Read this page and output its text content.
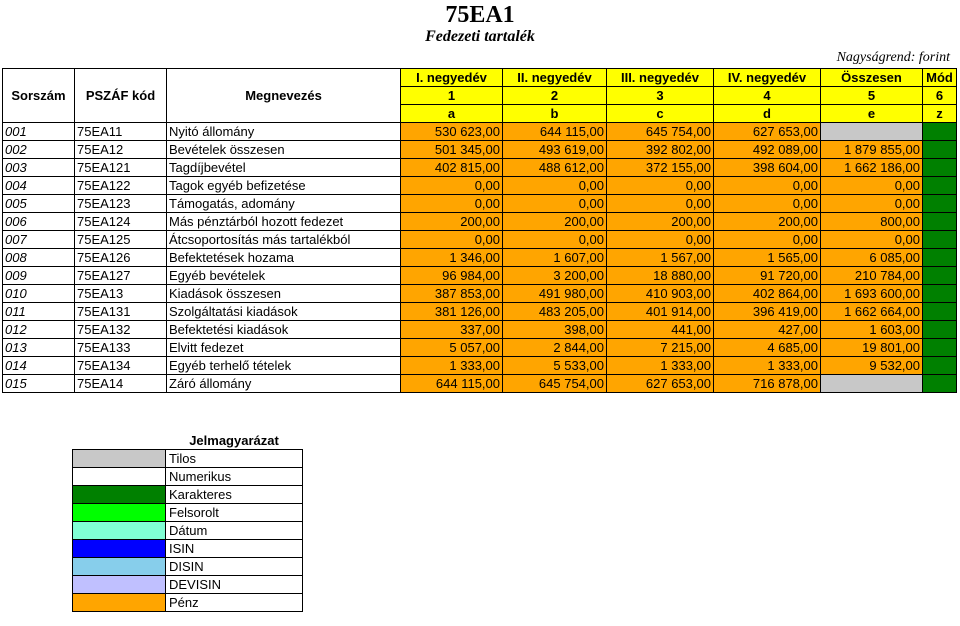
75EA1
Fedezeti tartalék
Nagyságrend: forint
Sorszám	PSZÁF kód	Megnevezés	I. negyedév	II. negyedév	III. negyedév	IV. negyedév	Összesen	Mód
			1	2	3	4	5	6
			a	b	c	d	e	z
001	75EA11	Nyitó állomány	530 623,00	644 115,00	645 754,00	627 653,00		
002	75EA12	Bevételek összesen	501 345,00	493 619,00	392 802,00	492 089,00	1 879 855,00	
003	75EA121	Tagdíjbevétel	402 815,00	488 612,00	372 155,00	398 604,00	1 662 186,00	
004	75EA122	Tagok egyéb befizetése	0,00	0,00	0,00	0,00	0,00	
005	75EA123	Támogatás, adomány	0,00	0,00	0,00	0,00	0,00	
006	75EA124	Más pénztárból hozott fedezet	200,00	200,00	200,00	200,00	800,00	
007	75EA125	Átcsoportosítás más tartalékból	0,00	0,00	0,00	0,00	0,00	
008	75EA126	Befektetések hozama	1 346,00	1 607,00	1 567,00	1 565,00	6 085,00	
009	75EA127	Egyéb bevételek	96 984,00	3 200,00	18 880,00	91 720,00	210 784,00	
010	75EA13	Kiadások összesen	387 853,00	491 980,00	410 903,00	402 864,00	1 693 600,00	
011	75EA131	Szolgáltatási kiadások	381 126,00	483 205,00	401 914,00	396 419,00	1 662 664,00	
012	75EA132	Befektetési kiadások	337,00	398,00	441,00	427,00	1 603,00	
013	75EA133	Elvitt fedezet	5 057,00	2 844,00	7 215,00	4 685,00	19 801,00	
014	75EA134	Egyéb terhelő tételek	1 333,00	5 533,00	1 333,00	1 333,00	9 532,00	
015	75EA14	Záró állomány	644 115,00	645 754,00	627 653,00	716 878,00		
	Jelmagyarázat
	Tilos
	Numerikus
	Karakteres
	Felsorolt
	Dátum
	ISIN
	DISIN
	DEVISIN
	Pénz
